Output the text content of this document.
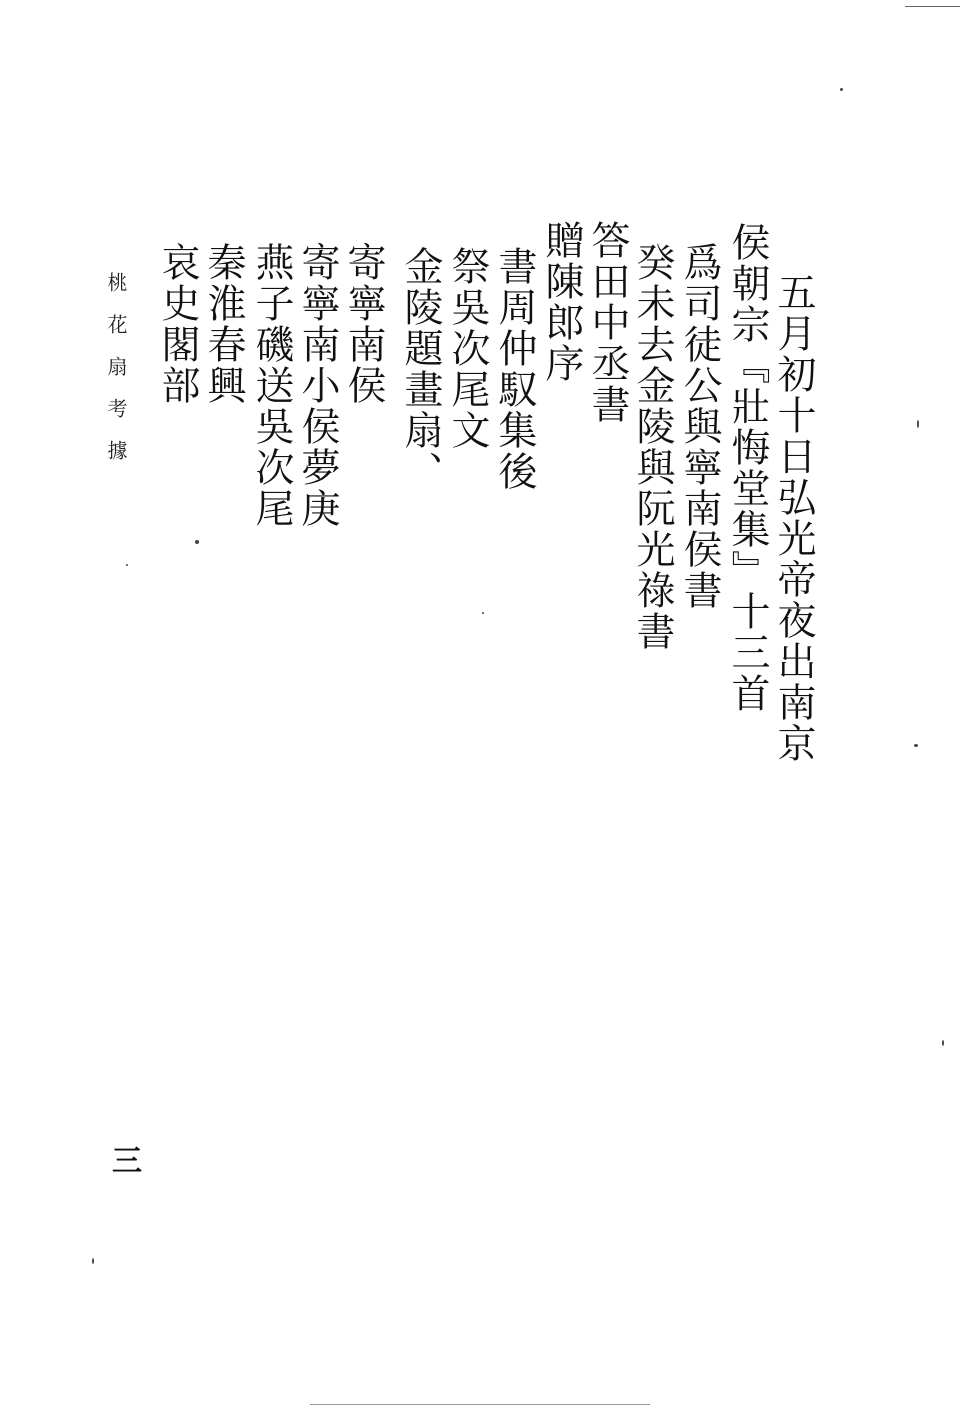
五月初十日弘光帝夜出南京
侯朝宗『壯悔堂集』十三首
爲司徒公與寧南侯書
癸未去金陵與阮光祿書
答田中丞書
贈陳郎序
書周仲馭集後
祭吳次尾文
金陵題畫扇、
寄寧南侯
寄寧南小侯夢庚
燕子磯送吳次尾
秦淮春興
哀史閣部
桃花扇考據
三
